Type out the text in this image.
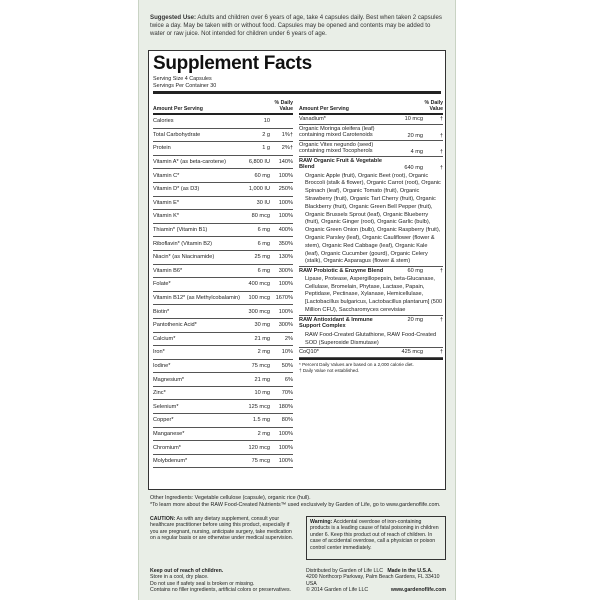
Suggested Use: Adults and children over 6 years of age, take 4 capsules daily. Best when taken 2 capsules twice a day. May be taken with or without food. Capsules may be opened and contents may be added to water or raw juice. Not intended for children under 6 years of age.
Supplement Facts
Serving Size 4 Capsules
Servings Per Container 30
Amount Per Serving
% Daily Value
Calories	10
Total Carbohydrate	2 g	1%†
Protein	1 g	2%†
Vitamin A* (as beta-carotene)	6,800 IU	140%
Vitamin C*	60 mg	100%
Vitamin D* (as D3)	1,000 IU	250%
Vitamin E*	30 IU	100%
Vitamin K*	80 mcg	100%
Thiamin* (Vitamin B1)	6 mg	400%
Riboflavin* (Vitamin B2)	6 mg	350%
Niacin* (as Niacinamide)	25 mg	130%
Vitamin B6*	6 mg	300%
Folate*	400 mcg	100%
Vitamin B12* (as Methylcobalamin)	100 mcg 1670%
Biotin*	300 mcg	100%
Pantothenic Acid*	30 mg	300%
Calcium*	21 mg	2%
Iron*	2 mg	10%
Iodine*	75 mcg	50%
Magnesium*	21 mg	6%
Zinc*	10 mg	70%
Selenium*	125 mcg	180%
Copper*	1.5 mg	80%
Manganese*	2 mg	100%
Chromium*	120 mcg	100%
Molybdenum*	75 mcg	100%
Amount Per Serving
% Daily Value
Vanadium*	10 mcg	†
Organic Moringa oleifera (leaf) containing mixed Carotenoids	20 mg	†
Organic Vitex negundo (seed) containing mixed Tocopherols	4 mg	†
RAW Organic Fruit & Vegetable Blend	640 mg	†
Organic Apple (fruit), Organic Beet (root), Organic Broccoli (stalk & flower), Organic Carrot (root), Organic Spinach (leaf), Organic Tomato (fruit), Organic Strawberry (fruit), Organic Tart Cherry (fruit), Organic Blackberry (fruit), Organic Green Bell Pepper (fruit), Organic Brussels Sprout (leaf), Organic Blueberry (fruit), Organic Ginger (root), Organic Garlic (bulb), Organic Green Onion (bulb), Organic Raspberry (fruit), Organic Parsley (leaf), Organic Cauliflower (flower & stem), Organic Red Cabbage (leaf), Organic Kale (leaf), Organic Cucumber (gourd), Organic Celery (stalk), Organic Asparagus (flower & stem)
RAW Probiotic & Enzyme Blend	60 mg	†
Lipase, Protease, Aspergillopepsin, beta-Glucanase, Cellulase, Bromelain, Phytase, Lactase, Papain, Peptidase, Pectinase, Xylanase, Hemicellulase, [Lactobacillus bulgaricus, Lactobacillus plantarum] (500 Million CFU), Saccharomyces cerevisiae
RAW Antioxidant & Immune Support Complex
20 mg	†
RAW Food-Created Glutathione, RAW Food-Created SOD (Superoxide Dismutase)
CoQ10*	425 mcg	†
* Percent Daily Values are based on a 2,000 calorie diet.
† Daily Value not established.
Other Ingredients: Vegetable cellulose (capsule), organic rice (hull).
*To learn more about the RAW Food-Created Nutrients™ used exclusively by Garden of Life, go to www.gardenoflife.com.
CAUTION: As with any dietary supplement, consult your healthcare practitioner before using this product, especially if you are pregnant, nursing, anticipate surgery, take medication on a regular basis or are otherwise under medical supervision.
Warning: Accidental overdose of iron-containing products is a leading cause of fatal poisoning in children under 6. Keep this product out of reach of children. In case of accidental overdose, call a physician or poison control center immediately.
Keep out of reach of children.
Store in a cool, dry place.
Do not use if safety seal is broken or missing.
Contains no filler ingredients, artificial colors or preservatives.
Distributed by Garden of Life LLC Made in the U.S.A.
4200 Northcorp Parkway, Palm Beach Gardens, FL 33410 USA
© 2014 Garden of Life LLC	www.gardenoflife.com
